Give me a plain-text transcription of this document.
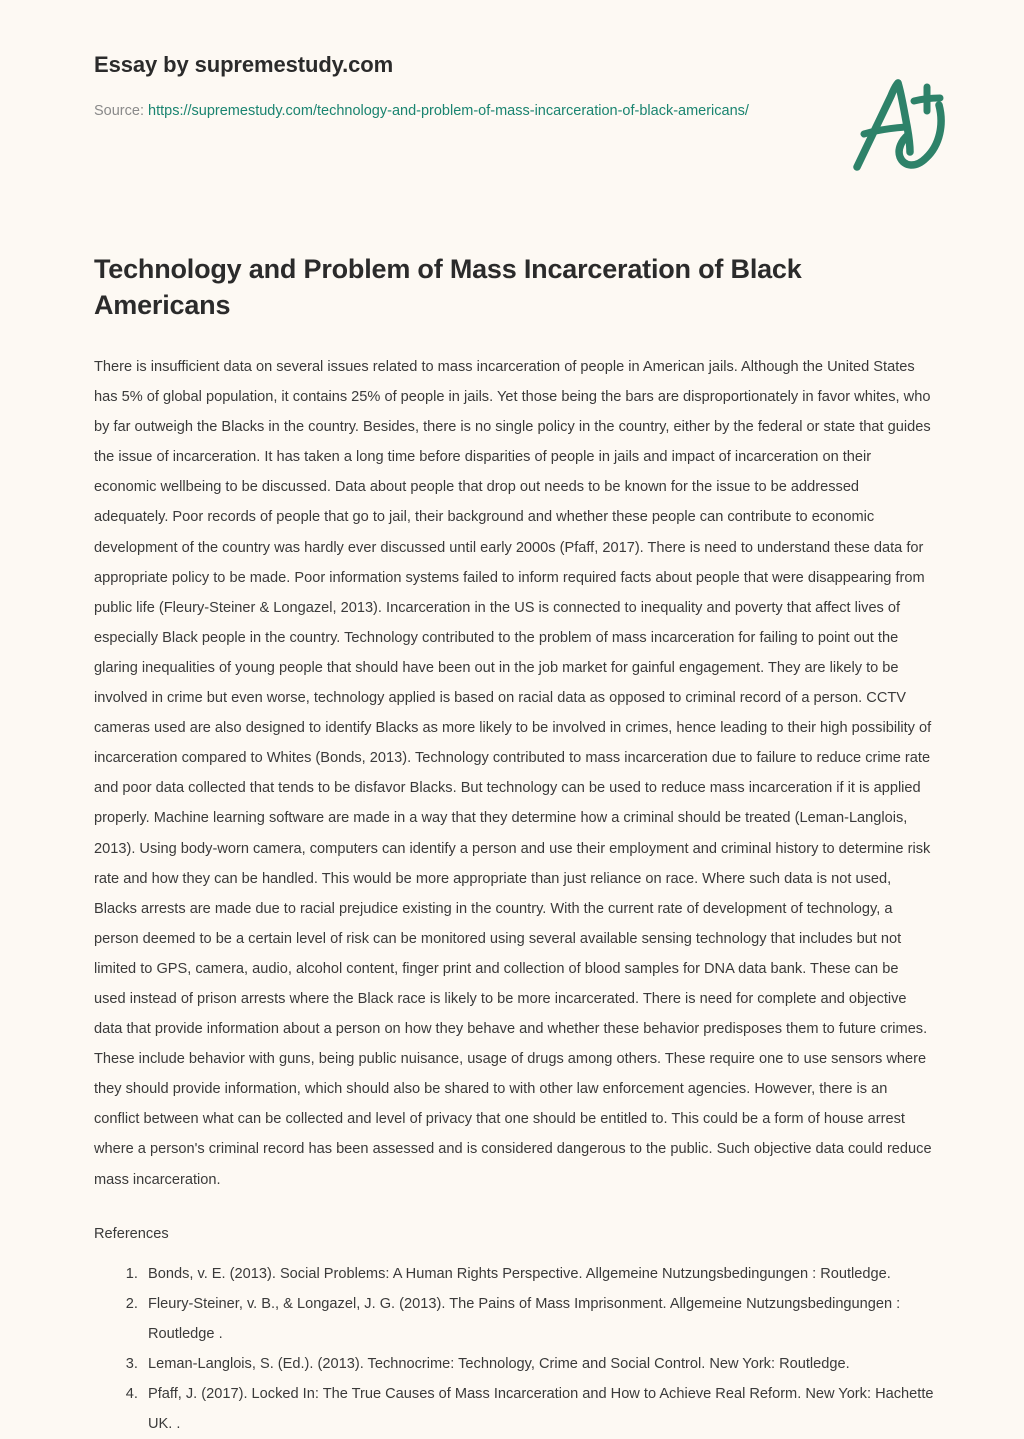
Essay by supremestudy.com
Source: https://supremestudy.com/technology-and-problem-of-mass-incarceration-of-black-americans/
Technology and Problem of Mass Incarceration of Black Americans

There is insufficient data on several issues related to mass incarceration of people in American jails. Although the United States has 5% of global population, it contains 25% of people in jails. Yet those being the bars are disproportionately in favor whites, who by far outweigh the Blacks in the country. Besides, there is no single policy in the country, either by the federal or state that guides the issue of incarceration. It has taken a long time before disparities of people in jails and impact of incarceration on their economic wellbeing to be discussed. Data about people that drop out needs to be known for the issue to be addressed adequately. Poor records of people that go to jail, their background and whether these people can contribute to economic development of the country was hardly ever discussed until early 2000s (Pfaff, 2017). There is need to understand these data for appropriate policy to be made. Poor information systems failed to inform required facts about people that were disappearing from public life (Fleury-Steiner & Longazel, 2013). Incarceration in the US is connected to inequality and poverty that affect lives of especially Black people in the country. Technology contributed to the problem of mass incarceration for failing to point out the glaring inequalities of young people that should have been out in the job market for gainful engagement. They are likely to be involved in crime but even worse, technology applied is based on racial data as opposed to criminal record of a person. CCTV cameras used are also designed to identify Blacks as more likely to be involved in crimes, hence leading to their high possibility of incarceration compared to Whites (Bonds, 2013). Technology contributed to mass incarceration due to failure to reduce crime rate and poor data collected that tends to be disfavor Blacks. But technology can be used to reduce mass incarceration if it is applied properly. Machine learning software are made in a way that they determine how a criminal should be treated (Leman-Langlois, 2013). Using body-worn camera, computers can identify a person and use their employment and criminal history to determine risk rate and how they can be handled. This would be more appropriate than just reliance on race. Where such data is not used, Blacks arrests are made due to racial prejudice existing in the country. With the current rate of development of technology, a person deemed to be a certain level of risk can be monitored using several available sensing technology that includes but not limited to GPS, camera, audio, alcohol content, finger print and collection of blood samples for DNA data bank. These can be used instead of prison arrests where the Black race is likely to be more incarcerated. There is need for complete and objective data that provide information about a person on how they behave and whether these behavior predisposes them to future crimes. These include behavior with guns, being public nuisance, usage of drugs among others. These require one to use sensors where they should provide information, which should also be shared to with other law enforcement agencies. However, there is an conflict between what can be collected and level of privacy that one should be entitled to. This could be a form of house arrest where a person's criminal record has been assessed and is considered dangerous to the public. Such objective data could reduce mass incarceration.

References

1. Bonds, v. E. (2013). Social Problems: A Human Rights Perspective. Allgemeine Nutzungsbedingungen : Routledge.
2. Fleury-Steiner, v. B., & Longazel, J. G. (2013). The Pains of Mass Imprisonment. Allgemeine Nutzungsbedingungen : Routledge .
3. Leman-Langlois, S. (Ed.). (2013). Technocrime: Technology, Crime and Social Control. New York: Routledge.
4. Pfaff, J. (2017). Locked In: The True Causes of Mass Incarceration and How to Achieve Real Reform. New York: Hachette UK. .
